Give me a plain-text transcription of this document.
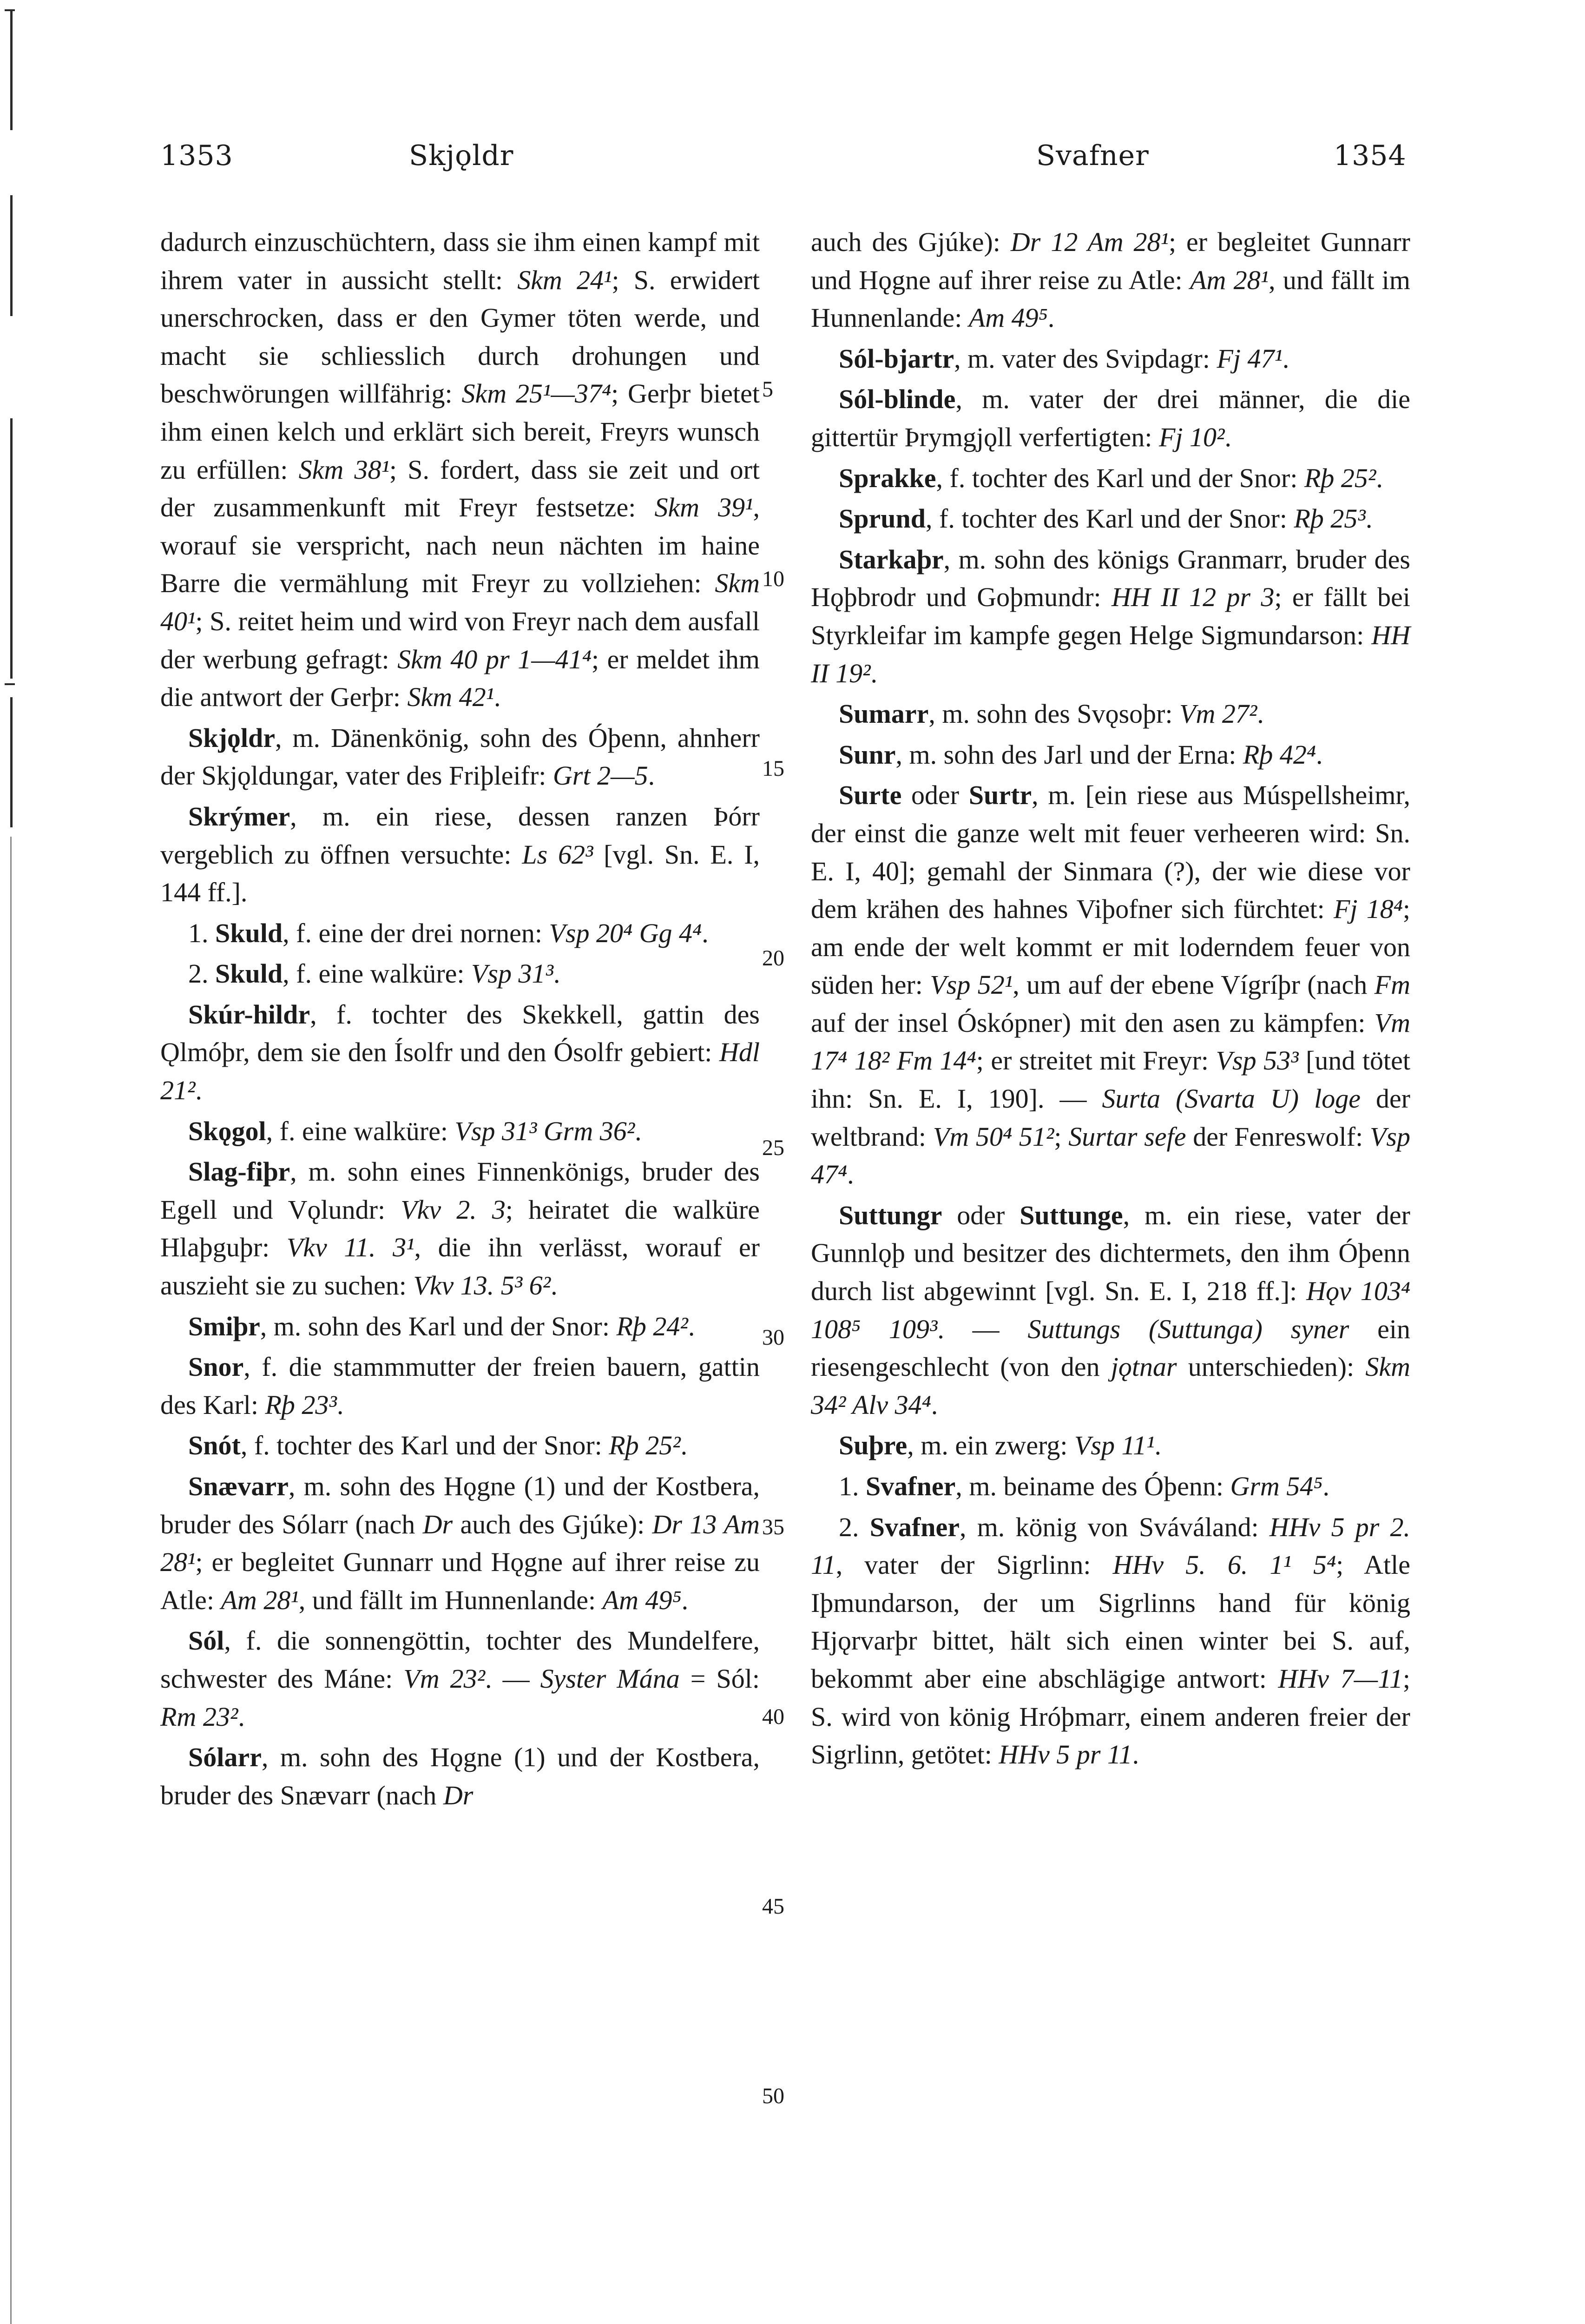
1353	Skjǫldr	Svafner	1354
5
10
15
20
25
30
35
40
45
50

dadurch einzuschüchtern, dass sie ihm einen kampf mit ihrem vater in aussicht stellt: Skm 24¹; S. erwidert unerschrocken, dass er den Gymer töten werde, und macht sie schliesslich durch drohungen und beschwörungen willfährig: Skm 25¹—37⁴; Gerþr bietet ihm einen kelch und erklärt sich bereit, Freyrs wunsch zu erfüllen: Skm 38¹; S. fordert, dass sie zeit und ort der zusammenkunft mit Freyr festsetze: Skm 39¹, worauf sie verspricht, nach neun nächten im haine Barre die vermählung mit Freyr zu vollziehen: Skm 40¹; S. reitet heim und wird von Freyr nach dem ausfall der werbung gefragt: Skm 40 pr 1—41⁴; er meldet ihm die antwort der Gerþr: Skm 42¹.

Skjǫldr, m. Dänenkönig, sohn des Óþenn, ahnherr der Skjǫldungar, vater des Friþleifr: Grt 2—5.

Skrýmer, m. ein riese, dessen ranzen Þórr vergeblich zu öffnen versuchte: Ls 62³ [vgl. Sn. E. I, 144 ff.].

1. Skuld, f. eine der drei nornen: Vsp 20⁴ Gg 4⁴.

2. Skuld, f. eine walküre: Vsp 31³.

Skúr-hildr, f. tochter des Skekkell, gattin des Ǫlmóþr, dem sie den Ísolfr und den Ósolfr gebiert: Hdl 21².

Skǫgol, f. eine walküre: Vsp 31³ Grm 36².

Slag-fiþr, m. sohn eines Finnenkönigs, bruder des Egell und Vǫlundr: Vkv 2. 3; heiratet die walküre Hlaþguþr: Vkv 11. 3¹, die ihn verlässt, worauf er auszieht sie zu suchen: Vkv 13. 5³ 6².

Smiþr, m. sohn des Karl und der Snor: Rþ 24².

Snor, f. die stammmutter der freien bauern, gattin des Karl: Rþ 23³.

Snót, f. tochter des Karl und der Snor: Rþ 25².

Snævarr, m. sohn des Hǫgne (1) und der Kostbera, bruder des Sólarr (nach Dr auch des Gjúke): Dr 13 Am 28¹; er begleitet Gunnarr und Hǫgne auf ihrer reise zu Atle: Am 28¹, und fällt im Hunnenlande: Am 49⁵.

Sól, f. die sonnengöttin, tochter des Mundelfere, schwester des Máne: Vm 23². — Syster Mána = Sól: Rm 23².

Sólarr, m. sohn des Hǫgne (1) und der Kostbera, bruder des Snævarr (nach Dr

auch des Gjúke): Dr 12 Am 28¹; er begleitet Gunnarr und Hǫgne auf ihrer reise zu Atle: Am 28¹, und fällt im Hunnenlande: Am 49⁵.

Sól-bjartr, m. vater des Svipdagr: Fj 47¹.

Sól-blinde, m. vater der drei männer, die die gittertür Þrymgjǫll verfertigten: Fj 10².

Sprakke, f. tochter des Karl und der Snor: Rþ 25².

Sprund, f. tochter des Karl und der Snor: Rþ 25³.

Starkaþr, m. sohn des königs Granmarr, bruder des Hǫþbrodr und Goþmundr: HH II 12 pr 3; er fällt bei Styrkleifar im kampfe gegen Helge Sigmundarson: HH II 19².

Sumarr, m. sohn des Svǫsoþr: Vm 27².

Sunr, m. sohn des Jarl und der Erna: Rþ 42⁴.

Surte oder Surtr, m. [ein riese aus Múspellsheimr, der einst die ganze welt mit feuer verheeren wird: Sn. E. I, 40]; gemahl der Sinmara (?), der wie diese vor dem krähen des hahnes Viþofner sich fürchtet: Fj 18⁴; am ende der welt kommt er mit loderndem feuer von süden her: Vsp 52¹, um auf der ebene Vígríþr (nach Fm auf der insel Óskópner) mit den asen zu kämpfen: Vm 17⁴ 18² Fm 14⁴; er streitet mit Freyr: Vsp 53³ [und tötet ihn: Sn. E. I, 190]. — Surta (Svarta U) loge der weltbrand: Vm 50⁴ 51²; Surtar sefe der Fenreswolf: Vsp 47⁴.

Suttungr oder Suttunge, m. ein riese, vater der Gunnlǫþ und besitzer des dichtermets, den ihm Óþenn durch list abgewinnt [vgl. Sn. E. I, 218 ff.]: Hǫv 103⁴ 108⁵ 109³. — Suttungs (Suttunga) syner ein riesengeschlecht (von den jǫtnar unterschieden): Skm 34² Alv 34⁴.

Suþre, m. ein zwerg: Vsp 11¹.

1. Svafner, m. beiname des Óþenn: Grm 54⁵.

2. Svafner, m. könig von Sváváland: HHv 5 pr 2. 11, vater der Sigrlinn: HHv 5. 6. 1¹ 5⁴; Atle Iþmundarson, der um Sigrlinns hand für könig Hjǫrvarþr bittet, hält sich einen winter bei S. auf, bekommt aber eine abschlägige antwort: HHv 7—11; S. wird von könig Hróþmarr, einem anderen freier der Sigrlinn, getötet: HHv 5 pr 11.
